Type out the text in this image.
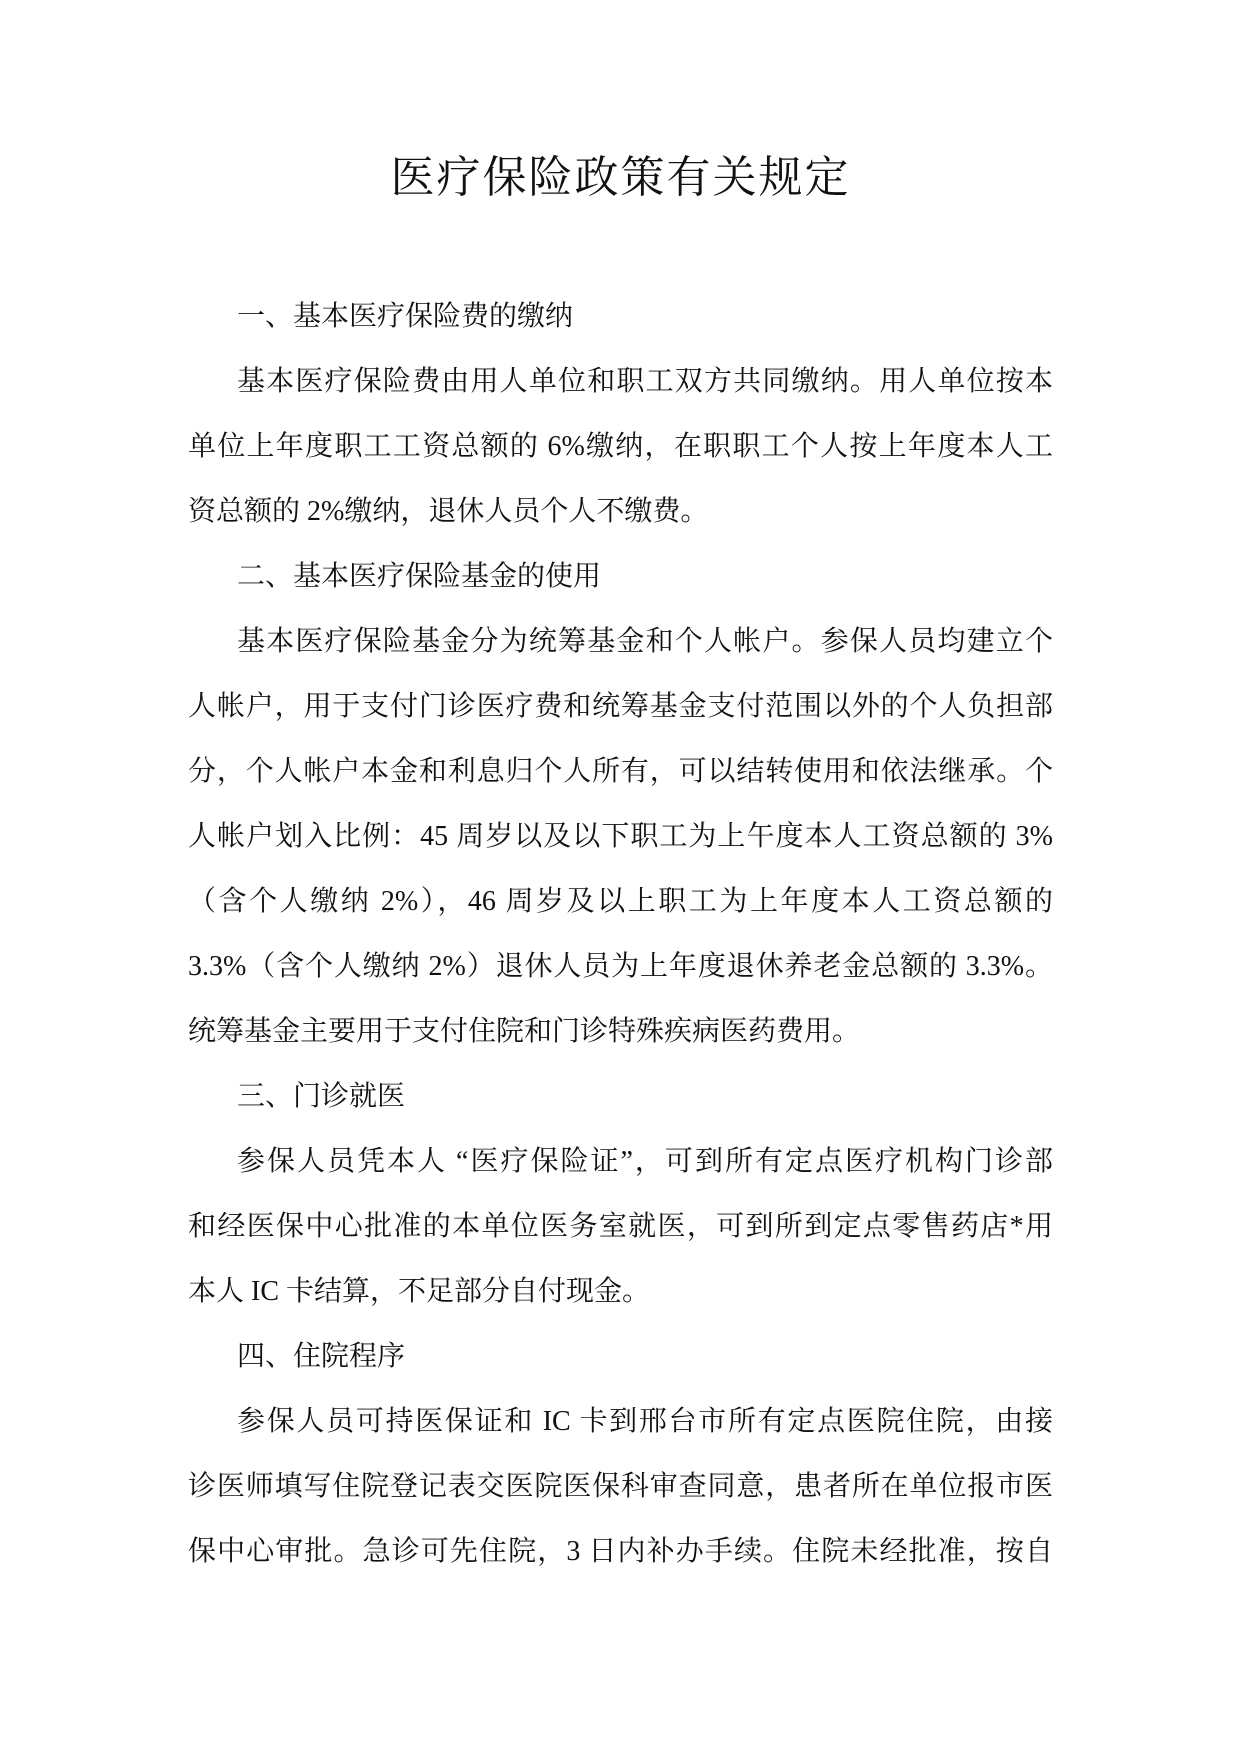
医疗保险政策有关规定

一、基本医疗保险费的缴纳

基本医疗保险费由用人单位和职工双方共同缴纳。用人单位按本

单位上年度职工工资总额的 6%缴纳，在职职工个人按上年度本人工

资总额的 2%缴纳，退休人员个人不缴费。

二、基本医疗保险基金的使用

基本医疗保险基金分为统筹基金和个人帐户。参保人员均建立个

人帐户，用于支付门诊医疗费和统筹基金支付范围以外的个人负担部

分，个人帐户本金和利息归个人所有，可以结转使用和依法继承。个

人帐户划入比例：45 周岁以及以下职工为上午度本人工资总额的 3%

（含个人缴纳 2%），46 周岁及以上职工为上年度本人工资总额的

3.3%（含个人缴纳 2%）退休人员为上年度退休养老金总额的 3.3%。

统筹基金主要用于支付住院和门诊特殊疾病医药费用。

三、门诊就医

参保人员凭本人 “医疗保险证”，可到所有定点医疗机构门诊部

和经医保中心批准的本单位医务室就医，可到所到定点零售药店*用

本人 IC 卡结算，不足部分自付现金。

四、住院程序

参保人员可持医保证和 IC 卡到邢台市所有定点医院住院，由接

诊医师填写住院登记表交医院医保科审查同意，患者所在单位报市医

保中心审批。急诊可先住院，3 日内补办手续。住院未经批准，按自
